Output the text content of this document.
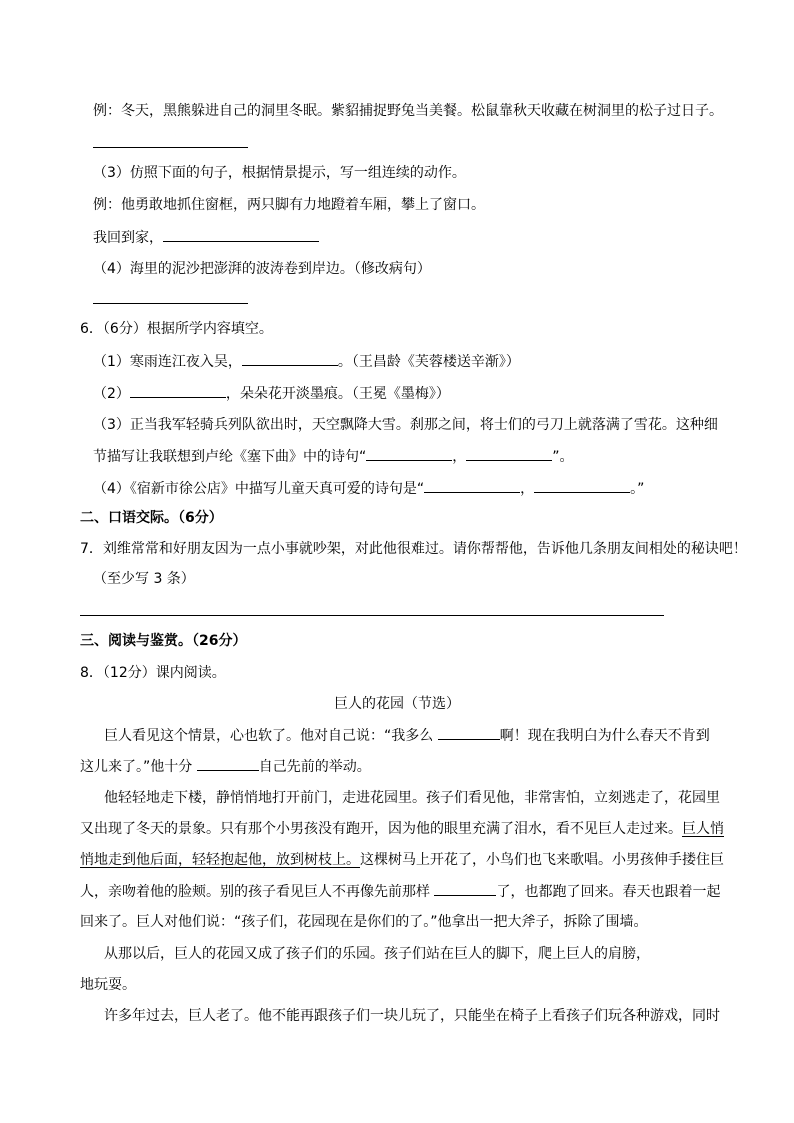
例：冬天，黑熊躲进自己的洞里冬眠。紫貂捕捉野兔当美餐。松鼠靠秋天收藏在树洞里的松子过日子。
（3）仿照下面的句子，根据情景提示，写一组连续的动作。
例：他勇敢地抓住窗框，两只脚有力地蹬着车厢，攀上了窗口。
我回到家，
（4）海里的泥沙把澎湃的波涛卷到岸边。（修改病句）
6．（6分）根据所学内容填空。
（1）寒雨连江夜入吴，	。（王昌龄《芙蓉楼送辛渐》）
（2）	，朵朵花开淡墨痕。（王冕《墨梅》）
（3）正当我军轻骑兵列队欲出时，天空飘降大雪。刹那之间，将士们的弓刀上就落满了雪花。这种细
节描写让我联想到卢纶《塞下曲》中的诗句“	，	”。
（4）《宿新市徐公店》中描写儿童天真可爱的诗句是“	，	。”
二、口语交际。（6分）
7．刘维常常和好朋友因为一点小事就吵架，对此他很难过。请你帮帮他，告诉他几条朋友间相处的秘诀吧！
（至少写 3 条）
三、阅读与鉴赏。（26分）
8．（12分）课内阅读。
巨人的花园（节选）
巨人看见这个情景，心也软了。他对自己说：“我多么	啊！现在我明白为什么春天不肯到
这儿来了。”他十分	自己先前的举动。
他轻轻地走下楼，静悄悄地打开前门，走进花园里。孩子们看见他，非常害怕，立刻逃走了，花园里
又出现了冬天的景象。只有那个小男孩没有跑开，因为他的眼里充满了泪水，看不见巨人走过来。巨人悄
悄地走到他后面，轻轻抱起他，放到树枝上。这棵树马上开花了，小鸟们也飞来歌唱。小男孩伸手搂住巨
人，亲吻着他的脸颊。别的孩子看见巨人不再像先前那样	了，也都跑了回来。春天也跟着一起
回来了。巨人对他们说：“孩子们，花园现在是你们的了。”他拿出一把大斧子，拆除了围墙。
从那以后，巨人的花园又成了孩子们的乐园。孩子们站在巨人的脚下，爬上巨人的肩膀，
地玩耍。
许多年过去，巨人老了。他不能再跟孩子们一块儿玩了，只能坐在椅子上看孩子们玩各种游戏，同时
